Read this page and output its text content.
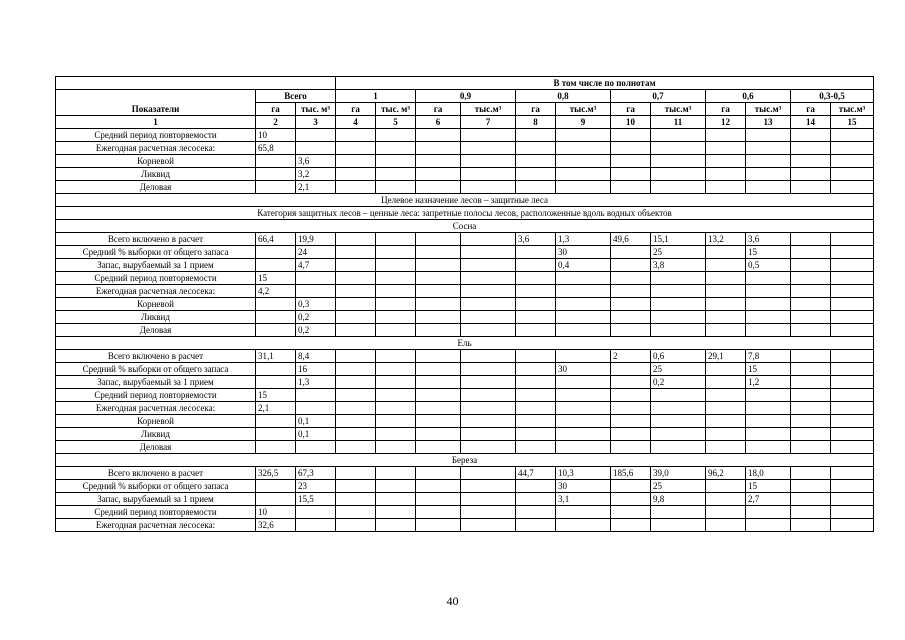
			В том числе по полнотам											
Показатели	Всего		1		0,9		0,8		0,7		0,6		0,3-0,5	
	га	тыс. м³	га	тыс. м³	га	тыс.м³	га	тыс.м³	га	тыс.м³	га	тыс.м³	га	тыс.м³
1	2	3	4	5	6	7	8	9	10	11	12	13	14	15
Средний период повторяемости	10													
Ежегодная расчетная лесосека:	65,8													
Корневой		3,6												
Ликвид		3,2												
Деловая		2,1												
Целевое назначение лесов – защитные леса														
Категория защитных лесов – ценные леса: запретные полосы лесов, расположенные вдоль водных объектов														
Сосна														
Всего включено в расчет	66,4	19,9					3,6	1,3	49,6	15,1	13,2	3,6		
Средний % выборки от общего запаса		24						30		25		15		
Запас, вырубаемый за 1 прием		4,7						0,4		3,8		0,5		
Средний период повторяемости	15													
Ежегодная расчетная лесосека:	4,2													
Корневой		0,3												
Ликвид		0,2												
Деловая		0,2												
Ель														
Всего включено в расчет	31,1	8,4							2	0,6	29,1	7,8		
Средний % выборки от общего запаса		16						30		25		15		
Запас, вырубаемый за 1 прием		1,3								0,2		1,2		
Средний период повторяемости	15													
Ежегодная расчетная лесосека:	2,1													
Корневой		0,1												
Ликвид		0,1												
Деловая														
Береза														
Всего включено в расчет	326,5	67,3					44,7	10,3	185,6	39,0	96,2	18,0		
Средний % выборки от общего запаса		23						30		25		15		
Запас, вырубаемый за 1 прием		15,5						3,1		9,8		2,7		
Средний период повторяемости	10													
Ежегодная расчетная лесосека:	32,6													
40
